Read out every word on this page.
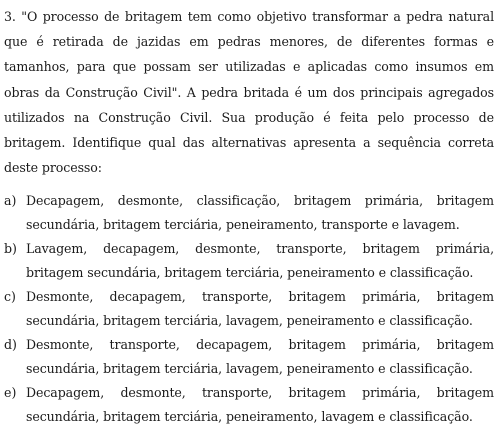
3. "O processo de britagem tem como objetivo transformar a pedra natural que é retirada de jazidas em pedras menores, de diferentes formas e tamanhos, para que possam ser utilizadas e aplicadas como insumos em obras da Construção Civil". A pedra britada é um dos principais agregados utilizados na Construção Civil. Sua produção é feita pelo processo de britagem. Identifique qual das alternativas apresenta a sequência correta deste processo:

a) Decapagem, desmonte, classificação, britagem primária, britagem secundária, britagem terciária, peneiramento, transporte e lavagem.
b) Lavagem, decapagem, desmonte, transporte, britagem primária, britagem secundária, britagem terciária, peneiramento e classificação.
c) Desmonte, decapagem, transporte, britagem primária, britagem secundária, britagem terciária, lavagem, peneiramento e classificação.
d) Desmonte, transporte, decapagem, britagem primária, britagem secundária, britagem terciária, lavagem, peneiramento e classificação.
e) Decapagem, desmonte, transporte, britagem primária, britagem secundária, britagem terciária, peneiramento, lavagem e classificação.
